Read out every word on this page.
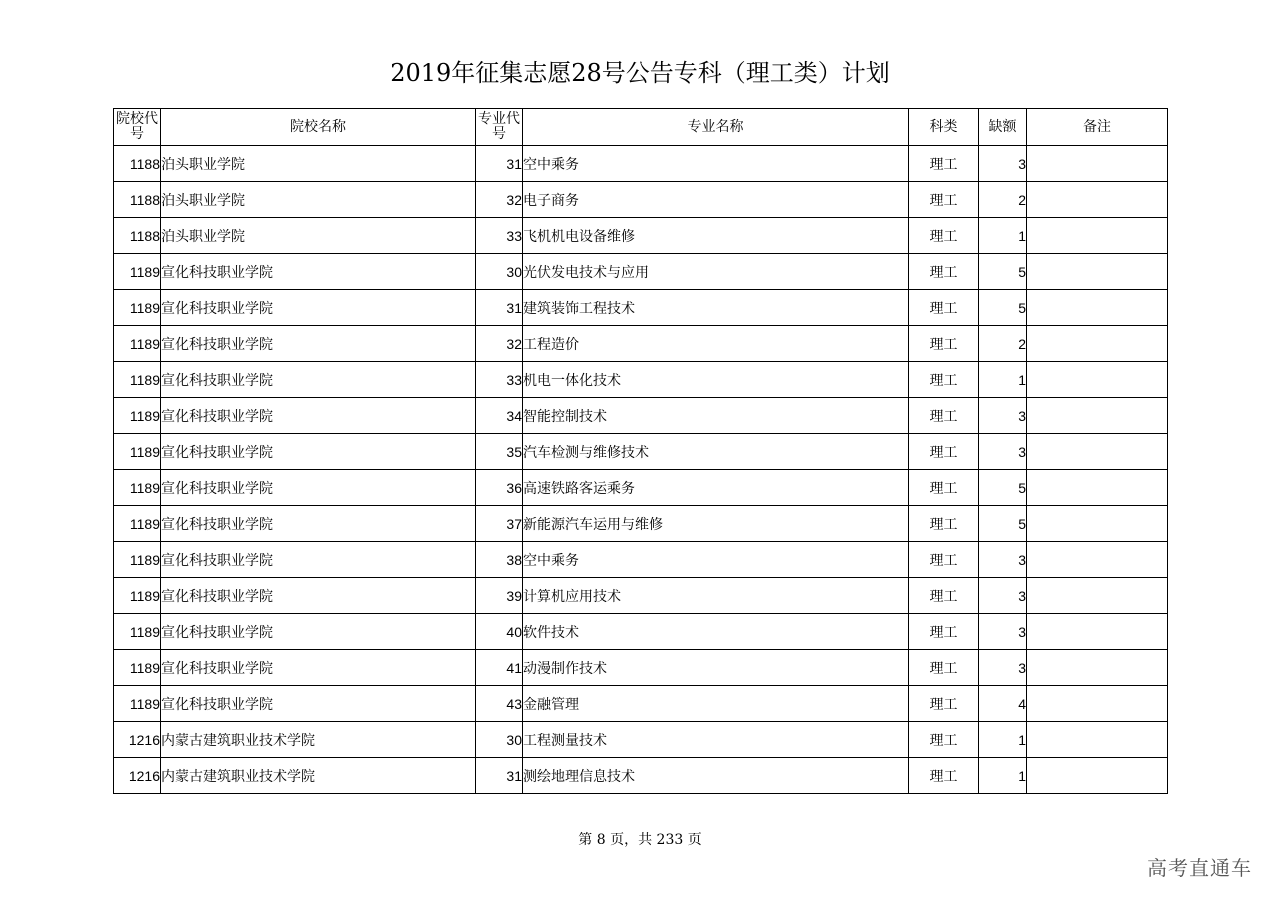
2019年征集志愿28号公告专科（理工类）计划
院校代号	院校名称	专业代号	专业名称	科类	缺额	备注
1188	泊头职业学院	31	空中乘务	理工	3	
1188	泊头职业学院	32	电子商务	理工	2	
1188	泊头职业学院	33	飞机机电设备维修	理工	1	
1189	宣化科技职业学院	30	光伏发电技术与应用	理工	5	
1189	宣化科技职业学院	31	建筑装饰工程技术	理工	5	
1189	宣化科技职业学院	32	工程造价	理工	2	
1189	宣化科技职业学院	33	机电一体化技术	理工	1	
1189	宣化科技职业学院	34	智能控制技术	理工	3	
1189	宣化科技职业学院	35	汽车检测与维修技术	理工	3	
1189	宣化科技职业学院	36	高速铁路客运乘务	理工	5	
1189	宣化科技职业学院	37	新能源汽车运用与维修	理工	5	
1189	宣化科技职业学院	38	空中乘务	理工	3	
1189	宣化科技职业学院	39	计算机应用技术	理工	3	
1189	宣化科技职业学院	40	软件技术	理工	3	
1189	宣化科技职业学院	41	动漫制作技术	理工	3	
1189	宣化科技职业学院	43	金融管理	理工	4	
1216	内蒙古建筑职业技术学院	30	工程测量技术	理工	1	
1216	内蒙古建筑职业技术学院	31	测绘地理信息技术	理工	1	
第 8 页，共 233 页
高考直通车
